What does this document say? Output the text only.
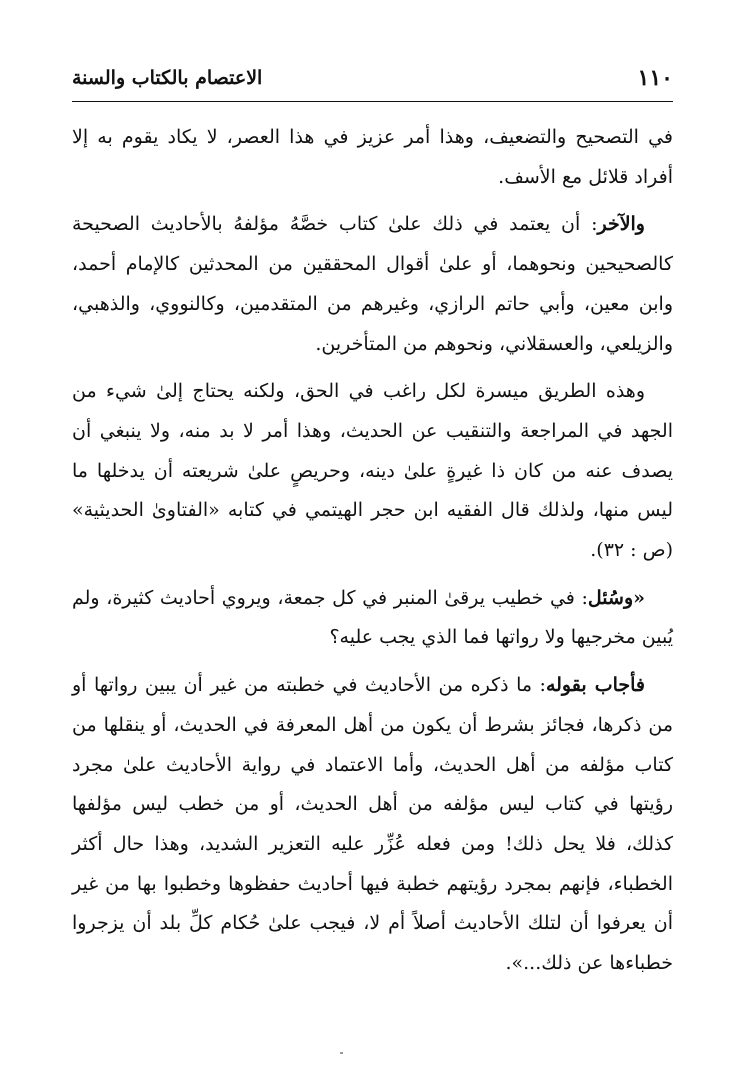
الاعتصام بالكتاب والسنة	١١٠

في التصحيح والتضعيف، وهذا أمر عزيز في هذا العصر، لا يكاد يقوم به إلا أفراد قلائل مع الأسف.

والآخر: أن يعتمد في ذلك علىٰ كتاب خصَّهُ مؤلفهُ بالأحاديث الصحيحة كالصحيحين ونحوهما، أو علىٰ أقوال المحققين من المحدثين كالإمام أحمد، وابن معين، وأبي حاتم الرازي، وغيرهم من المتقدمين، وكالنووي، والذهبي، والزيلعي، والعسقلاني، ونحوهم من المتأخرين.

وهذه الطريق ميسرة لكل راغب في الحق، ولكنه يحتاج إلىٰ شيء من الجهد في المراجعة والتنقيب عن الحديث، وهذا أمر لا بد منه، ولا ينبغي أن يصدف عنه من كان ذا غيرةٍ علىٰ دينه، وحريصٍ علىٰ شريعته أن يدخلها ما ليس منها، ولذلك قال الفقيه ابن حجر الهيتمي في كتابه «الفتاوىٰ الحديثية» (ص : ٣٢).

«وسُئل: في خطيب يرقىٰ المنبر في كل جمعة، ويروي أحاديث كثيرة، ولم يُبين مخرجيها ولا رواتها فما الذي يجب عليه؟

فأجاب بقوله: ما ذكره من الأحاديث في خطبته من غير أن يبين رواتها أو من ذكرها، فجائز بشرط أن يكون من أهل المعرفة في الحديث، أو ينقلها من كتاب مؤلفه من أهل الحديث، وأما الاعتماد في رواية الأحاديث علىٰ مجرد رؤيتها في كتاب ليس مؤلفه من أهل الحديث، أو من خطب ليس مؤلفها كذلك، فلا يحل ذلك! ومن فعله عُزِّر عليه التعزير الشديد، وهذا حال أكثر الخطباء، فإنهم بمجرد رؤيتهم خطبة فيها أحاديث حفظوها وخطبوا بها من غير أن يعرفوا أن لتلك الأحاديث أصلاً أم لا، فيجب علىٰ حُكام كلِّ بلد أن يزجروا خطباءها عن ذلك...».
